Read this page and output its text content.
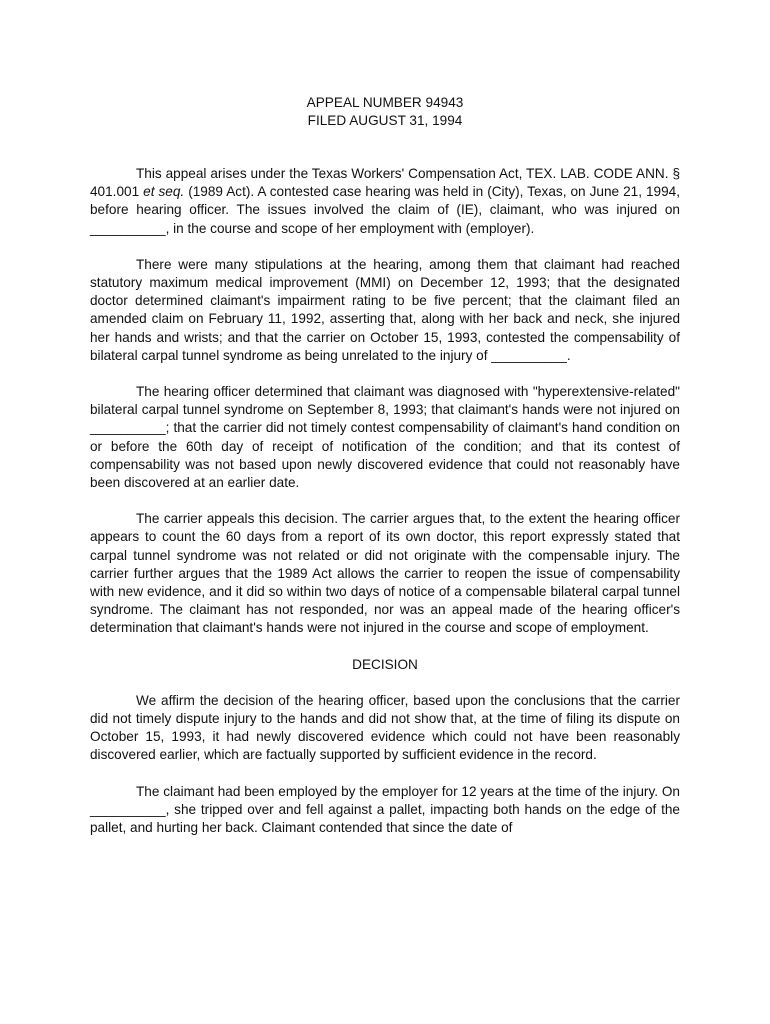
APPEAL NUMBER 94943
FILED AUGUST 31, 1994

This appeal arises under the Texas Workers' Compensation Act, TEX. LAB. CODE ANN. § 401.001 et seq. (1989 Act). A contested case hearing was held in (City), Texas, on June 21, 1994, before hearing officer. The issues involved the claim of (IE), claimant, who was injured on __________, in the course and scope of her employment with (employer).

There were many stipulations at the hearing, among them that claimant had reached statutory maximum medical improvement (MMI) on December 12, 1993; that the designated doctor determined claimant's impairment rating to be five percent; that the claimant filed an amended claim on February 11, 1992, asserting that, along with her back and neck, she injured her hands and wrists; and that the carrier on October 15, 1993, contested the compensability of bilateral carpal tunnel syndrome as being unrelated to the injury of __________.

The hearing officer determined that claimant was diagnosed with "hyperextensive-related" bilateral carpal tunnel syndrome on September 8, 1993; that claimant's hands were not injured on __________; that the carrier did not timely contest compensability of claimant's hand condition on or before the 60th day of receipt of notification of the condition; and that its contest of compensability was not based upon newly discovered evidence that could not reasonably have been discovered at an earlier date.

The carrier appeals this decision. The carrier argues that, to the extent the hearing officer appears to count the 60 days from a report of its own doctor, this report expressly stated that carpal tunnel syndrome was not related or did not originate with the compensable injury. The carrier further argues that the 1989 Act allows the carrier to reopen the issue of compensability with new evidence, and it did so within two days of notice of a compensable bilateral carpal tunnel syndrome. The claimant has not responded, nor was an appeal made of the hearing officer's determination that claimant's hands were not injured in the course and scope of employment.

DECISION

We affirm the decision of the hearing officer, based upon the conclusions that the carrier did not timely dispute injury to the hands and did not show that, at the time of filing its dispute on October 15, 1993, it had newly discovered evidence which could not have been reasonably discovered earlier, which are factually supported by sufficient evidence in the record.

The claimant had been employed by the employer for 12 years at the time of the injury. On __________, she tripped over and fell against a pallet, impacting both hands on the edge of the pallet, and hurting her back. Claimant contended that since the date of
